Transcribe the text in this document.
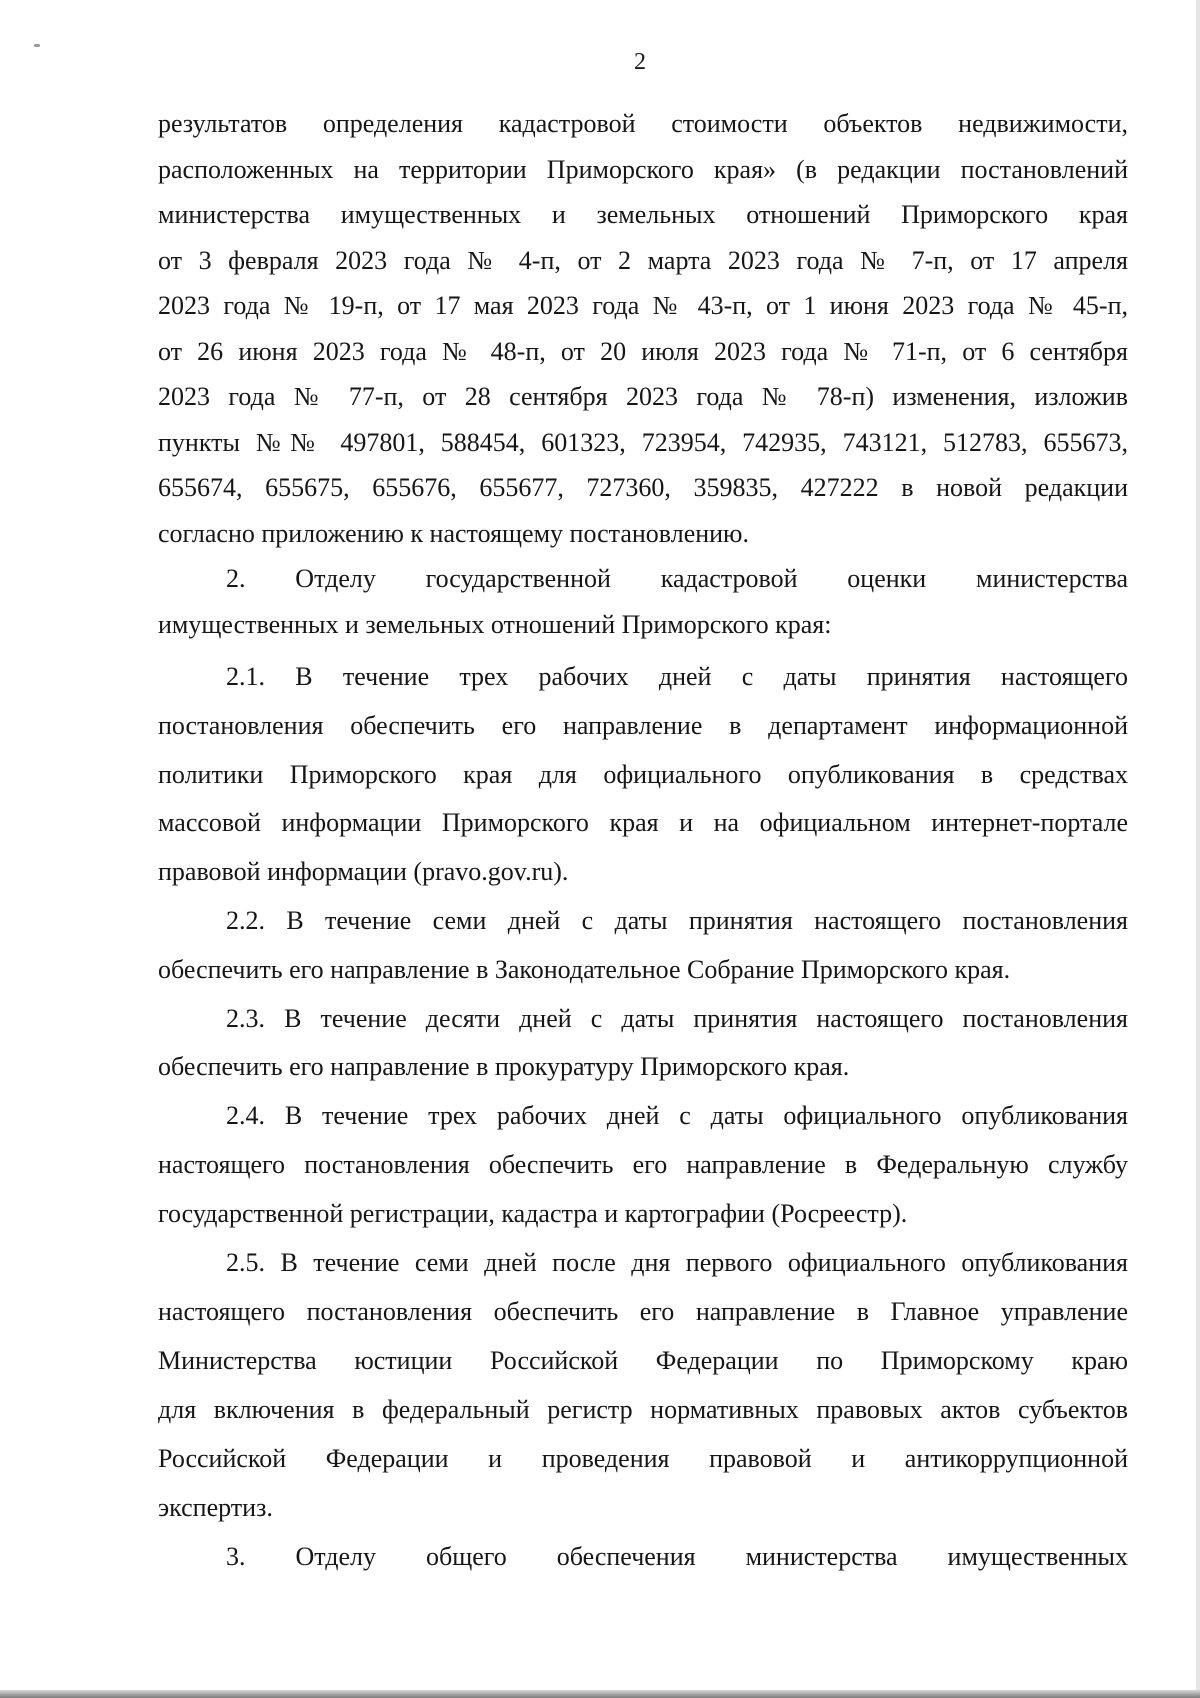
2
результатов определения кадастровой стоимости объектов недвижимости,
расположенных на территории Приморского края» (в редакции постановлений
министерства имущественных и земельных отношений Приморского края
от 3 февраля 2023 года № 4-п, от 2 марта 2023 года № 7-п, от 17 апреля
2023 года № 19-п, от 17 мая 2023 года № 43-п, от 1 июня 2023 года № 45-п,
от 26 июня 2023 года № 48-п, от 20 июля 2023 года № 71-п, от 6 сентября
2023 года № 77-п, от 28 сентября 2023 года № 78-п) изменения, изложив
пункты №№ 497801, 588454, 601323, 723954, 742935, 743121, 512783, 655673,
655674, 655675, 655676, 655677, 727360, 359835, 427222 в новой редакции
согласно приложению к настоящему постановлению.
2. Отделу государственной кадастровой оценки министерства
имущественных и земельных отношений Приморского края:
2.1. В течение трех рабочих дней с даты принятия настоящего
постановления обеспечить его направление в департамент информационной
политики Приморского края для официального опубликования в средствах
массовой информации Приморского края и на официальном интернет-портале
правовой информации (pravo.gov.ru).
2.2. В течение семи дней с даты принятия настоящего постановления
обеспечить его направление в Законодательное Собрание Приморского края.
2.3. В течение десяти дней с даты принятия настоящего постановления
обеспечить его направление в прокуратуру Приморского края.
2.4. В течение трех рабочих дней с даты официального опубликования
настоящего постановления обеспечить его направление в Федеральную службу
государственной регистрации, кадастра и картографии (Росреестр).
2.5. В течение семи дней после дня первого официального опубликования
настоящего постановления обеспечить его направление в Главное управление
Министерства юстиции Российской Федерации по Приморскому краю
для включения в федеральный регистр нормативных правовых актов субъектов
Российской Федерации и проведения правовой и антикоррупционной
экспертиз.
3. Отделу общего обеспечения министерства имущественных
